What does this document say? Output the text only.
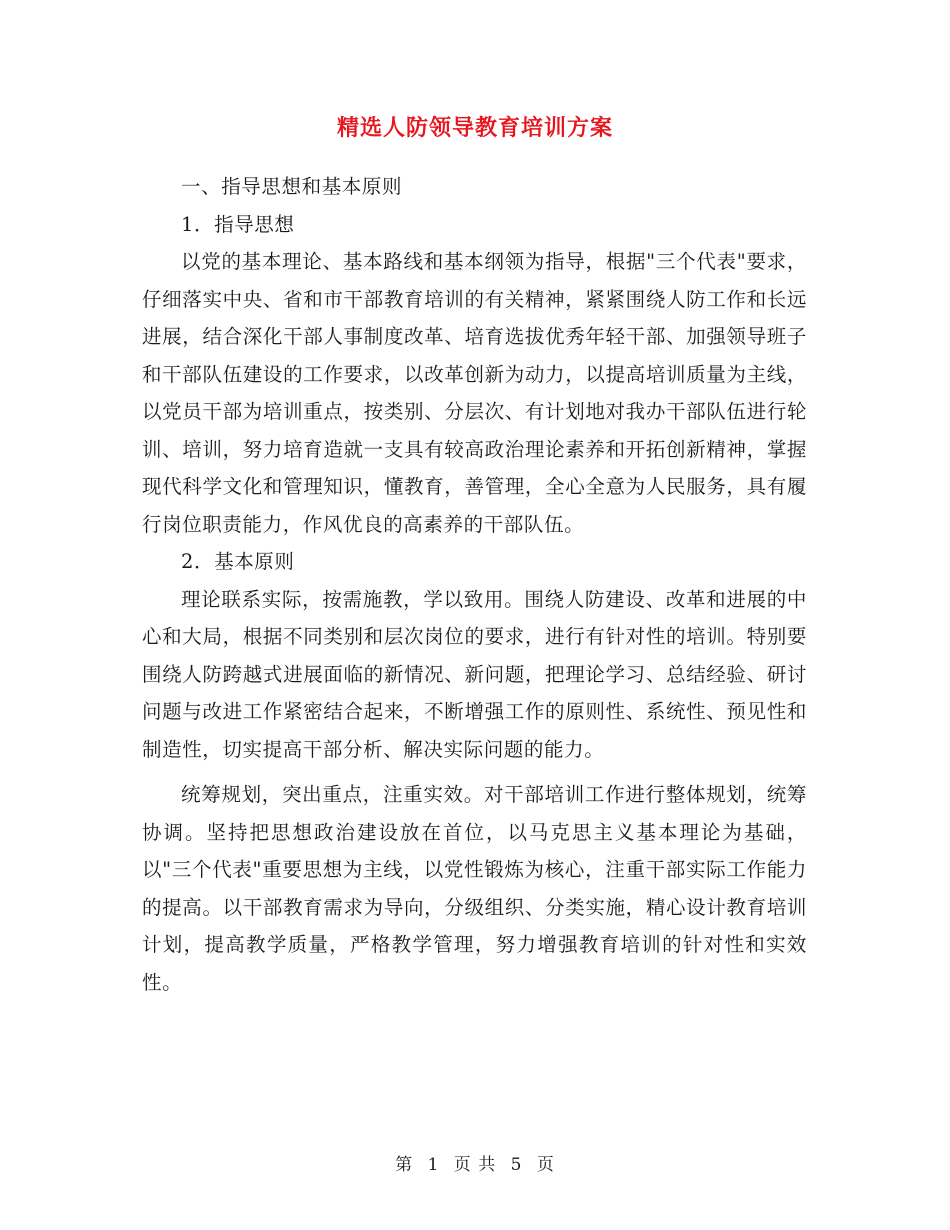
精选人防领导教育培训方案

一、指导思想和基本原则

1．指导思想

以党的基本理论、基本路线和基本纲领为指导，根据"三个代表"要求，仔细落实中央、省和市干部教育培训的有关精神，紧紧围绕人防工作和长远进展，结合深化干部人事制度改革、培育选拔优秀年轻干部、加强领导班子和干部队伍建设的工作要求，以改革创新为动力，以提高培训质量为主线，以党员干部为培训重点，按类别、分层次、有计划地对我办干部队伍进行轮训、培训，努力培育造就一支具有较高政治理论素养和开拓创新精神，掌握现代科学文化和管理知识，懂教育，善管理，全心全意为人民服务，具有履行岗位职责能力，作风优良的高素养的干部队伍。

2．基本原则

理论联系实际，按需施教，学以致用。围绕人防建设、改革和进展的中心和大局，根据不同类别和层次岗位的要求，进行有针对性的培训。特别要围绕人防跨越式进展面临的新情况、新问题，把理论学习、总结经验、研讨问题与改进工作紧密结合起来，不断增强工作的原则性、系统性、预见性和制造性，切实提高干部分析、解决实际问题的能力。

统筹规划，突出重点，注重实效。对干部培训工作进行整体规划，统筹协调。坚持把思想政治建设放在首位，以马克思主义基本理论为基础，以"三个代表"重要思想为主线，以党性锻炼为核心，注重干部实际工作能力的提高。以干部教育需求为导向，分级组织、分类实施，精心设计教育培训计划，提高教学质量，严格教学管理，努力增强教育培训的针对性和实效性。

第 1 页 共 5 页
